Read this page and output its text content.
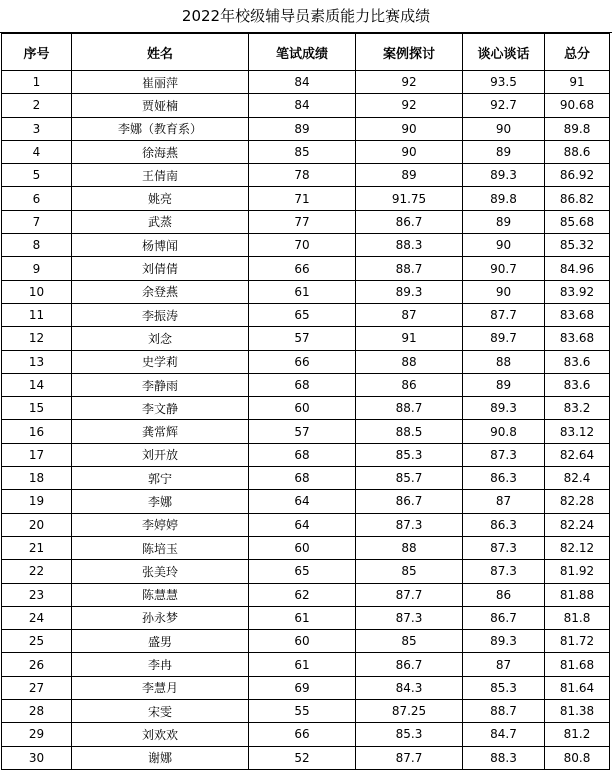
2022年校级辅导员素质能力比赛成绩
序号	姓名	笔试成绩	案例探讨	谈心谈话	总分
1	崔丽萍	84	92	93.5	91
2	贾娅楠	84	92	92.7	90.68
3	李娜（教育系）	89	90	90	89.8
4	徐海燕	85	90	89	88.6
5	王倩南	78	89	89.3	86.92
6	姚亮	71	91.75	89.8	86.82
7	武蒸	77	86.7	89	85.68
8	杨博闻	70	88.3	90	85.32
9	刘倩倩	66	88.7	90.7	84.96
10	余登燕	61	89.3	90	83.92
11	李振涛	65	87	87.7	83.68
12	刘念	57	91	89.7	83.68
13	史学莉	66	88	88	83.6
14	李静雨	68	86	89	83.6
15	李文静	60	88.7	89.3	83.2
16	龚常辉	57	88.5	90.8	83.12
17	刘开放	68	85.3	87.3	82.64
18	郭宁	68	85.7	86.3	82.4
19	李娜	64	86.7	87	82.28
20	李婷婷	64	87.3	86.3	82.24
21	陈培玉	60	88	87.3	82.12
22	张美玲	65	85	87.3	81.92
23	陈慧慧	62	87.7	86	81.88
24	孙永梦	61	87.3	86.7	81.8
25	盛男	60	85	89.3	81.72
26	李冉	61	86.7	87	81.68
27	李慧月	69	84.3	85.3	81.64
28	宋雯	55	87.25	88.7	81.38
29	刘欢欢	66	85.3	84.7	81.2
30	谢娜	52	87.7	88.3	80.8
